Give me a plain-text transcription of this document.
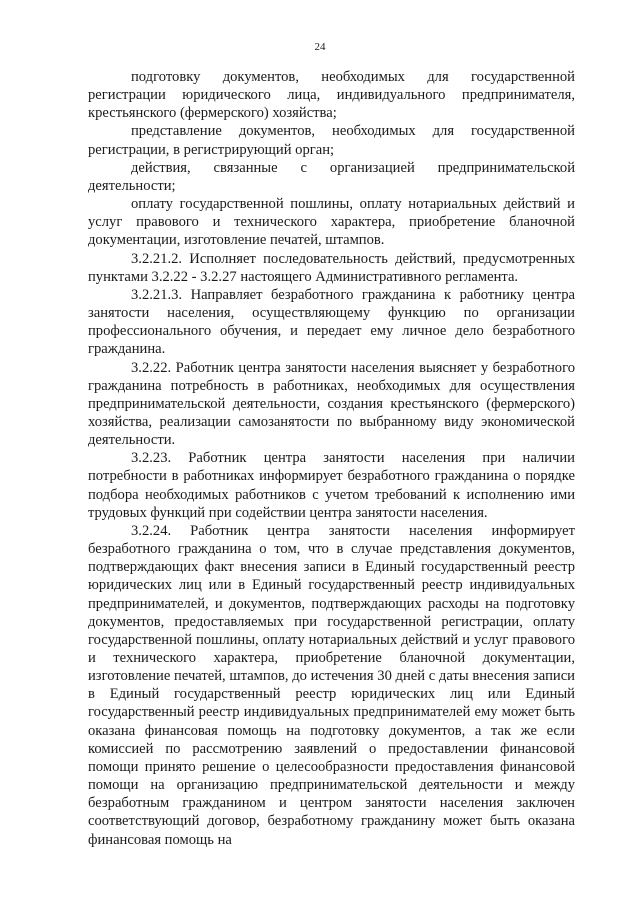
24

подготовку документов, необходимых для государственной регистрации юридического лица, индивидуального предпринимателя, крестьянского (фермерского) хозяйства;

представление документов, необходимых для государственной регистрации, в регистрирующий орган;

действия, связанные с организацией предпринимательской деятельности;

оплату государственной пошлины, оплату нотариальных действий и услуг правового и технического характера, приобретение бланочной документации, изготовление печатей, штампов.

3.2.21.2. Исполняет последовательность действий, предусмотренных пунктами 3.2.22 - 3.2.27 настоящего Административного регламента.

3.2.21.3. Направляет безработного гражданина к работнику центра занятости населения, осуществляющему функцию по организации профессионального обучения, и передает ему личное дело безработного гражданина.

3.2.22. Работник центра занятости населения выясняет у безработного гражданина потребность в работниках, необходимых для осуществления предпринимательской деятельности, создания крестьянского (фермерского) хозяйства, реализации самозанятости по выбранному виду экономической деятельности.

3.2.23. Работник центра занятости населения при наличии потребности в работниках информирует безработного гражданина о порядке подбора необходимых работников с учетом требований к исполнению ими трудовых функций при содействии центра занятости населения.

3.2.24. Работник центра занятости населения информирует безработного гражданина о том, что в случае представления документов, подтверждающих факт внесения записи в Единый государственный реестр юридических лиц или в Единый государственный реестр индивидуальных предпринимателей, и документов, подтверждающих расходы на подготовку документов, предоставляемых при государственной регистрации, оплату государственной пошлины, оплату нотариальных действий и услуг правового и технического характера, приобретение бланочной документации, изготовление печатей, штампов, до истечения 30 дней с даты внесения записи в Единый государственный реестр юридических лиц или Единый государственный реестр индивидуальных предпринимателей ему может быть оказана финансовая помощь на подготовку документов, а так же если комиссией по рассмотрению заявлений о предоставлении финансовой помощи принято решение о целесообразности предоставления финансовой помощи на организацию предпринимательской деятельности и между безработным гражданином и центром занятости населения заключен соответствующий договор, безработному гражданину может быть оказана финансовая помощь на
